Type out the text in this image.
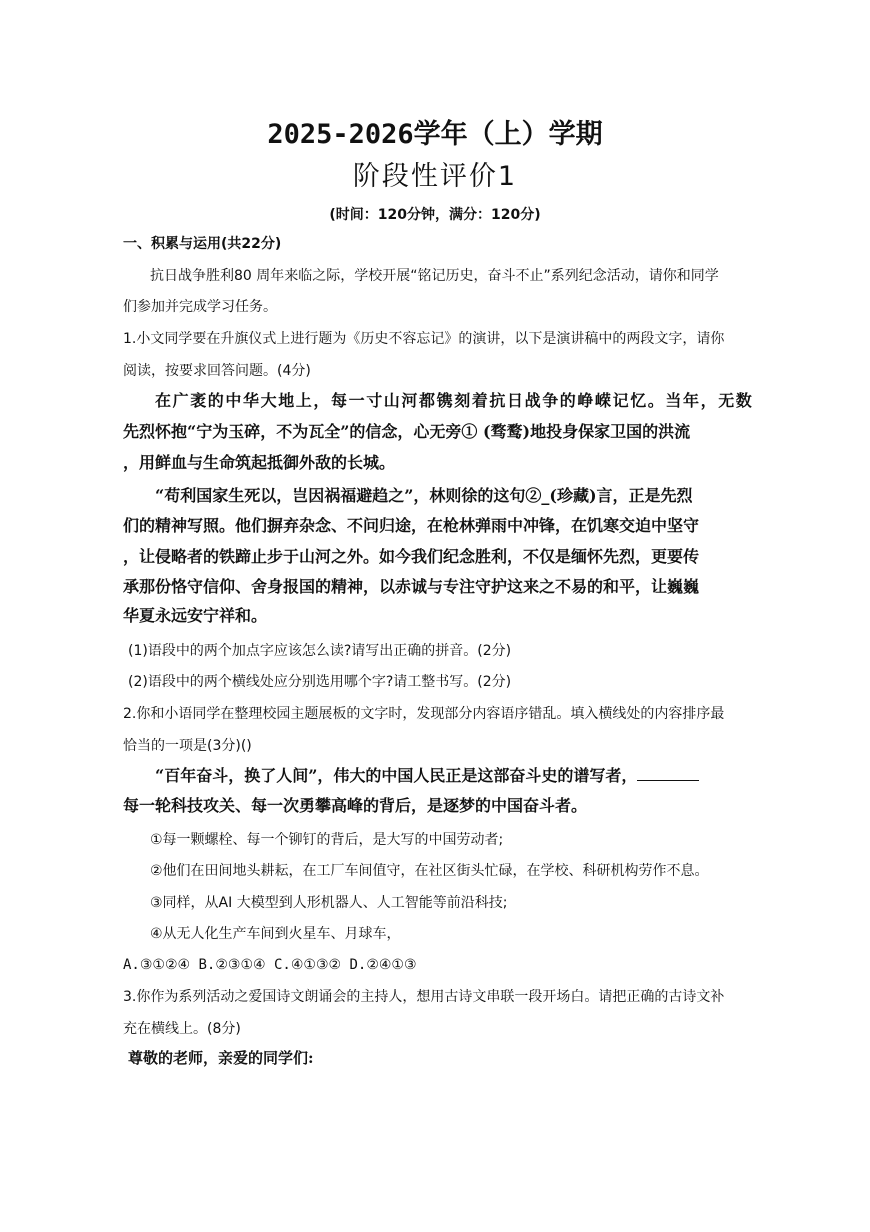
2025-2026学年（上）学期
阶段性评价1
(时间：120分钟，满分：120分)
一、积累与运用(共22分)
抗日战争胜利80 周年来临之际，学校开展“铭记历史，奋斗不止”系列纪念活动，请你和同学
们参加并完成学习任务。
1.小文同学要在升旗仪式上进行题为《历史不容忘记》的演讲，以下是演讲稿中的两段文字，请你
阅读，按要求回答问题。(4分)
在广袤的中华大地上，每一寸山河都镌刻着抗日战争的峥嵘记忆。当年，无数
先烈怀抱“宁为玉碎，不为瓦全”的信念，心无旁① (骛鹜)地投身保家卫国的洪流
，用鲜血与生命筑起抵御外敌的长城。
“苟利国家生死以，岂因祸福避趋之”，林则徐的这句②_(珍藏)言，正是先烈
们的精神写照。他们摒弃杂念、不问归途，在枪林弹雨中冲锋，在饥寒交迫中坚守
，让侵略者的铁蹄止步于山河之外。如今我们纪念胜利，不仅是缅怀先烈，更要传
承那份恪守信仰、舍身报国的精神，以赤诚与专注守护这来之不易的和平，让巍巍
华夏永远安宁祥和。
(1)语段中的两个加点字应该怎么读?请写出正确的拼音。(2分)
(2)语段中的两个横线处应分别选用哪个字?请工整书写。(2分)
2.你和小语同学在整理校园主题展板的文字时，发现部分内容语序错乱。填入横线处的内容排序最
恰当的一项是(3分)()
“百年奋斗，换了人间”，伟大的中国人民正是这部奋斗史的谱写者，
每一轮科技攻关、每一次勇攀高峰的背后，是逐梦的中国奋斗者。
①每一颗螺栓、每一个铆钉的背后，是大写的中国劳动者;
②他们在田间地头耕耘，在工厂车间值守，在社区街头忙碌，在学校、科研机构劳作不息。
③同样，从AI 大模型到人形机器人、人工智能等前沿科技;
④从无人化生产车间到火星车、月球车，
A.③①②④ B.②③①④ C.④①③② D.②④①③
3.你作为系列活动之爱国诗文朗诵会的主持人，想用古诗文串联一段开场白。请把正确的古诗文补
充在横线上。(8分)
尊敬的老师，亲爱的同学们:
